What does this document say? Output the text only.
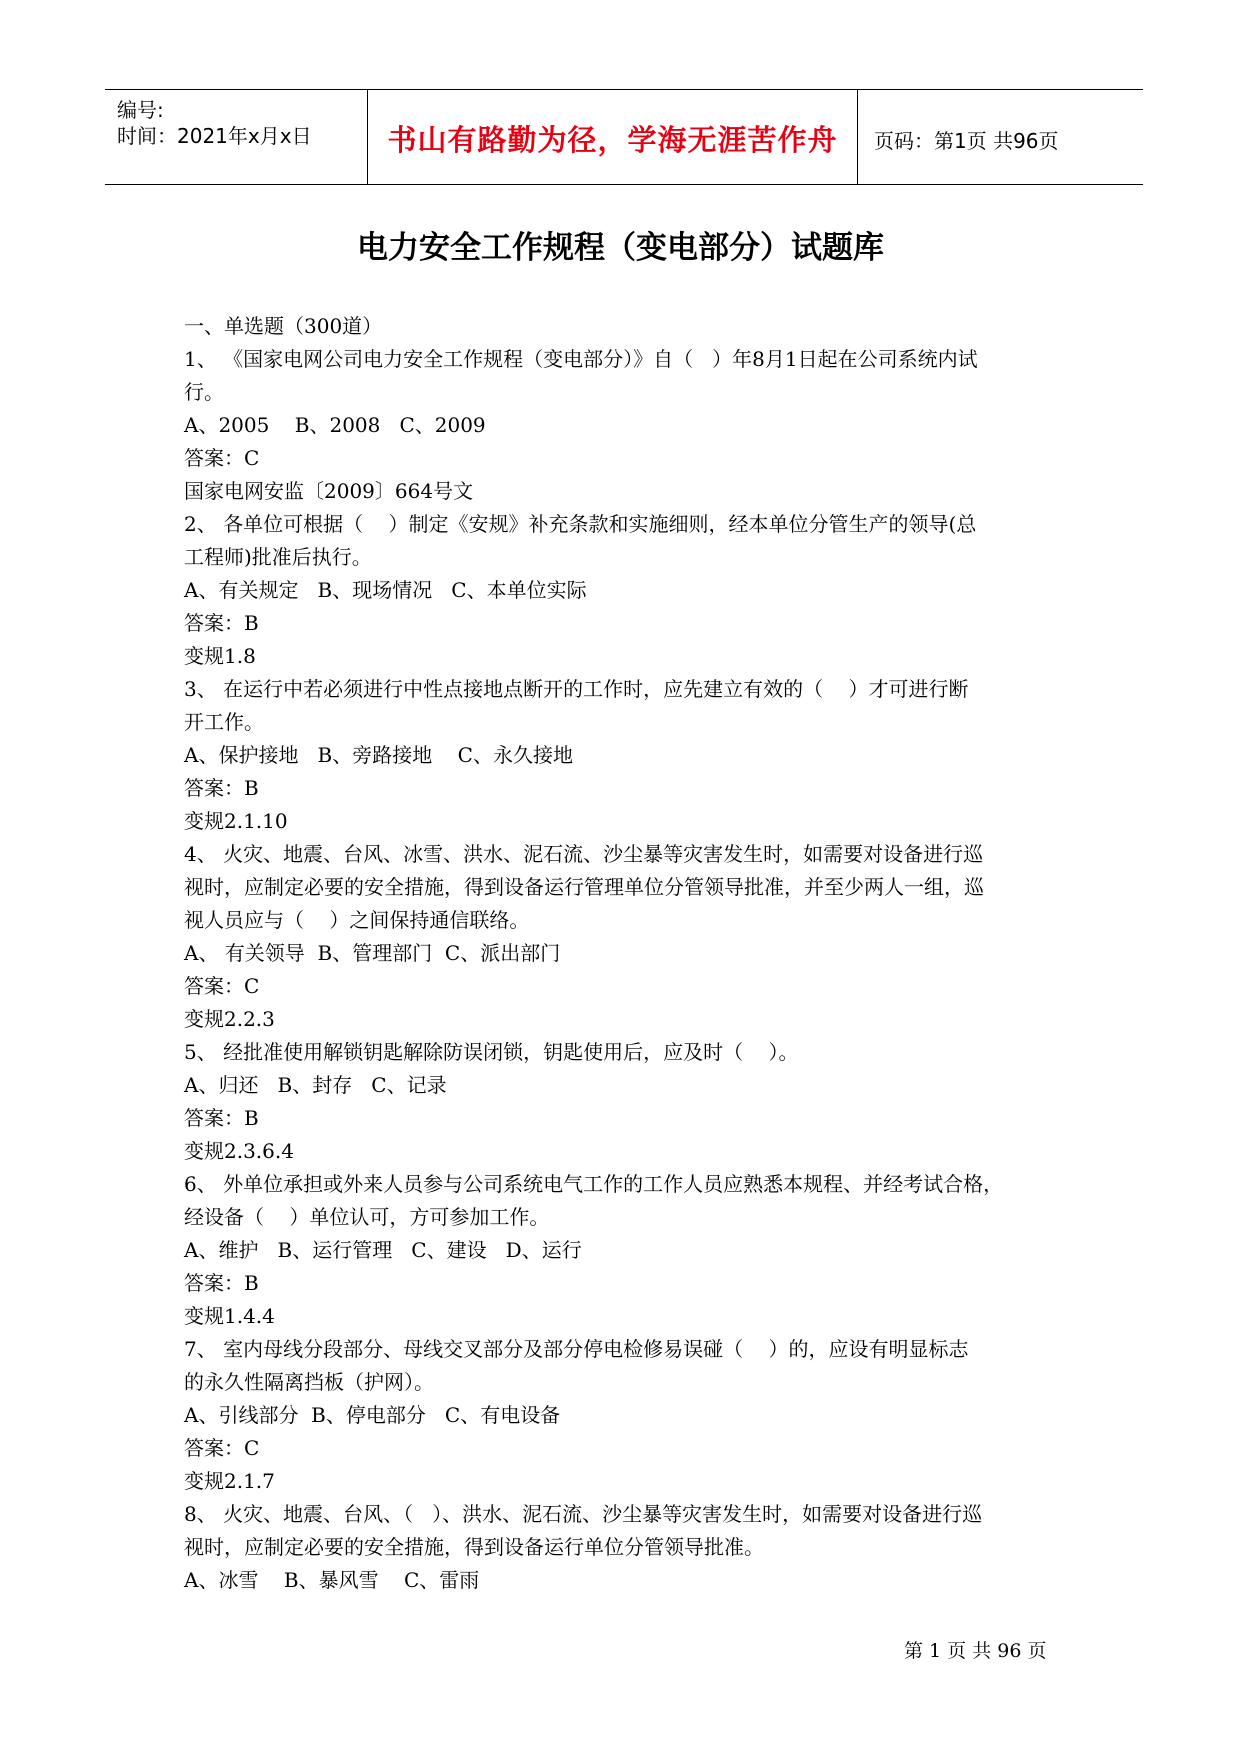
编号:
时间：2021年x月x日	书山有路勤为径，学海无涯苦作舟	页码：第1页 共96页
电力安全工作规程（变电部分）试题库
一、单选题（300道）
1、 《国家电网公司电力安全工作规程（变电部分）》自（   ）年8月1日起在公司系统内试
行。
A、2005    B、2008   C、2009
答案：C
国家电网安监〔2009〕664号文
2、 各单位可根据（    ）制定《安规》补充条款和实施细则，经本单位分管生产的领导(总
工程师)批准后执行。
A、有关规定   B、现场情况   C、本单位实际
答案：B
变规1.8
3、 在运行中若必须进行中性点接地点断开的工作时，应先建立有效的（    ）才可进行断
开工作。
A、保护接地   B、旁路接地    C、永久接地
答案：B
变规2.1.10
4、 火灾、地震、台风、冰雪、洪水、泥石流、沙尘暴等灾害发生时，如需要对设备进行巡
视时，应制定必要的安全措施，得到设备运行管理单位分管领导批准，并至少两人一组，巡
视人员应与（    ）之间保持通信联络。
A、 有关领导  B、管理部门  C、派出部门
答案：C
变规2.2.3
5、 经批准使用解锁钥匙解除防误闭锁，钥匙使用后，应及时（    ）。
A、归还   B、封存   C、记录
答案：B
变规2.3.6.4
6、 外单位承担或外来人员参与公司系统电气工作的工作人员应熟悉本规程、并经考试合格，
经设备（    ）单位认可，方可参加工作。
A、维护   B、运行管理   C、建设   D、运行
答案：B
变规1.4.4
7、 室内母线分段部分、母线交叉部分及部分停电检修易误碰（    ）的，应设有明显标志
的永久性隔离挡板（护网）。
A、引线部分  B、停电部分   C、有电设备
答案：C
变规2.1.7
8、 火灾、地震、台风、（   ）、洪水、泥石流、沙尘暴等灾害发生时，如需要对设备进行巡
视时，应制定必要的安全措施，得到设备运行单位分管领导批准。
A、冰雪    B、暴风雪    C、雷雨
第 1 页 共 96 页
